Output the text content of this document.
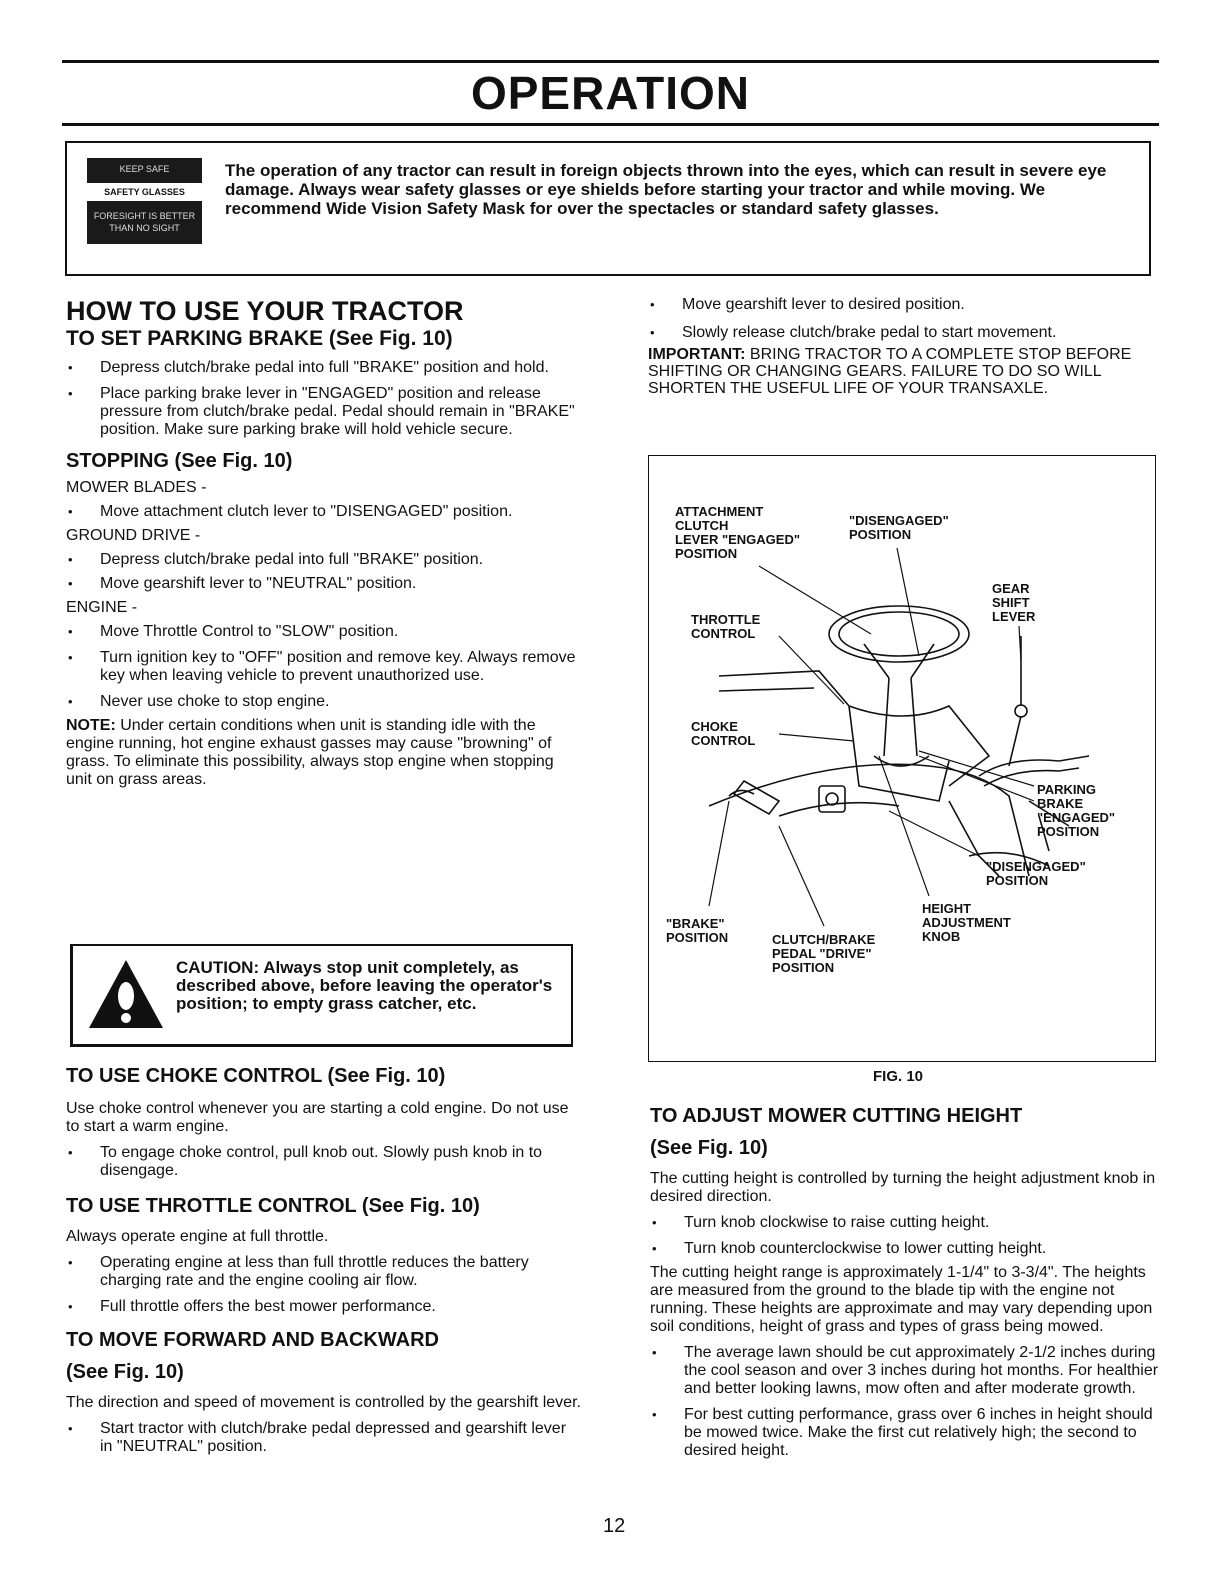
OPERATION
KEEP SAFE
SAFETY GLASSES
FORESIGHT IS BETTER THAN NO SIGHT
The operation of any tractor can result in foreign objects thrown into the eyes, which can result in severe eye damage. Always wear safety glasses or eye shields before starting your tractor and while moving. We recommend Wide Vision Safety Mask for over the spectacles or standard safety glasses.
HOW TO USE YOUR TRACTOR
TO SET PARKING BRAKE (See Fig. 10)
• Depress clutch/brake pedal into full "BRAKE" position and hold.
• Place parking brake lever in "ENGAGED" position and release pressure from clutch/brake pedal. Pedal should remain in "BRAKE" position. Make sure parking brake will hold vehicle secure.
STOPPING (See Fig. 10)
MOWER BLADES -
• Move attachment clutch lever to "DISENGAGED" position.
GROUND DRIVE -
• Depress clutch/brake pedal into full "BRAKE" position.
• Move gearshift lever to "NEUTRAL" position.
ENGINE -
• Move Throttle Control to "SLOW" position.
• Turn ignition key to "OFF" position and remove key. Always remove key when leaving vehicle to prevent unauthorized use.
• Never use choke to stop engine.
NOTE: Under certain conditions when unit is standing idle with the engine running, hot engine exhaust gasses may cause "browning" of grass. To eliminate this possibility, always stop engine when stopping unit on grass areas.
CAUTION: Always stop unit completely, as described above, before leaving the operator's position; to empty grass catcher, etc.
TO USE CHOKE CONTROL (See Fig. 10)
Use choke control whenever you are starting a cold engine. Do not use to start a warm engine.
• To engage choke control, pull knob out. Slowly push knob in to disengage.
TO USE THROTTLE CONTROL (See Fig. 10)
Always operate engine at full throttle.
• Operating engine at less than full throttle reduces the battery charging rate and the engine cooling air flow.
• Full throttle offers the best mower performance.
TO MOVE FORWARD AND BACKWARD
(See Fig. 10)
The direction and speed of movement is controlled by the gearshift lever.
• Start tractor with clutch/brake pedal depressed and gearshift lever in "NEUTRAL" position.
• Move gearshift lever to desired position.
• Slowly release clutch/brake pedal to start movement.
IMPORTANT: BRING TRACTOR TO A COMPLETE STOP BEFORE SHIFTING OR CHANGING GEARS. FAILURE TO DO SO WILL SHORTEN THE USEFUL LIFE OF YOUR TRANSAXLE.
ATTACHMENT
CLUTCH
LEVER "ENGAGED"
POSITION
"DISENGAGED"
POSITION
GEAR
SHIFT
LEVER
THROTTLE
CONTROL
CHOKE
CONTROL
PARKING
BRAKE
"ENGAGED"
POSITION
"DISENGAGED"
POSITION
HEIGHT
ADJUSTMENT
KNOB
"BRAKE"
POSITION	CLUTCH/BRAKE
PEDAL "DRIVE"
POSITION
FIG. 10
TO ADJUST MOWER CUTTING HEIGHT
(See Fig. 10)
The cutting height is controlled by turning the height adjustment knob in desired direction.
• Turn knob clockwise to raise cutting height.
• Turn knob counterclockwise to lower cutting height.
The cutting height range is approximately 1-1/4" to 3-3/4". The heights are measured from the ground to the blade tip with the engine not running. These heights are approximate and may vary depending upon soil conditions, height of grass and types of grass being mowed.
• The average lawn should be cut approximately 2-1/2 inches during the cool season and over 3 inches during hot months. For healthier and better looking lawns, mow often and after moderate growth.
• For best cutting performance, grass over 6 inches in height should be mowed twice. Make the first cut relatively high; the second to desired height.
12
